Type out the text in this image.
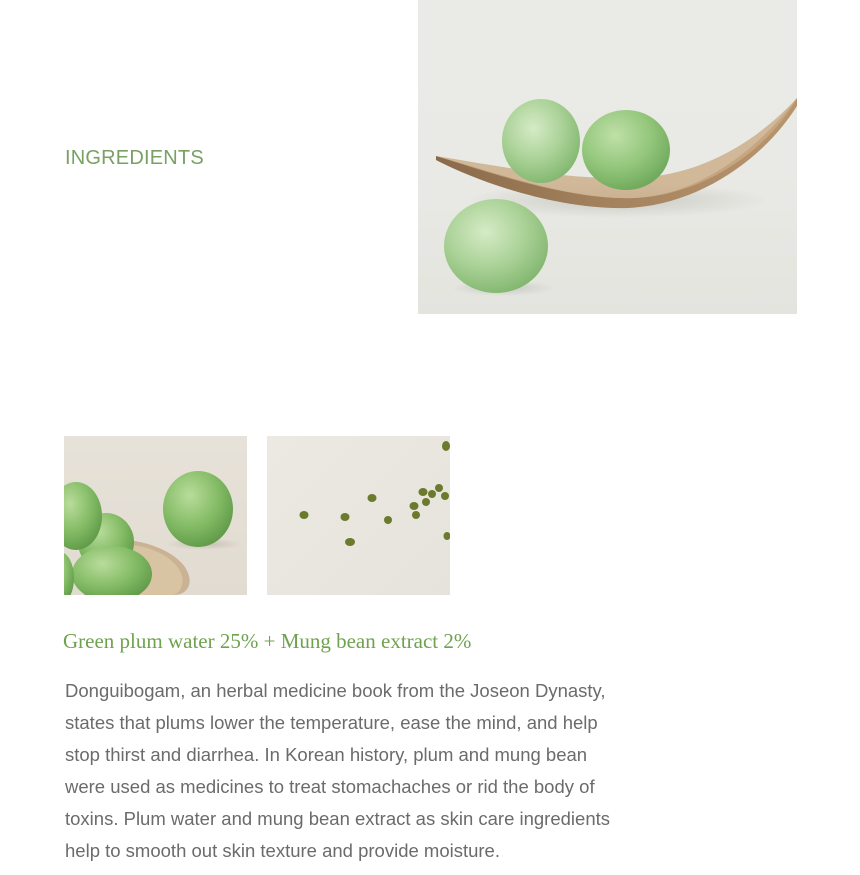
INGREDIENTS
Green plum water 25% + Mung bean extract 2%

Donguibogam, an herbal medicine book from the Joseon Dynasty,
states that plums lower the temperature, ease the mind, and help
stop thirst and diarrhea. In Korean history, plum and mung bean
were used as medicines to treat stomachaches or rid the body of
toxins. Plum water and mung bean extract as skin care ingredients
help to smooth out skin texture and provide moisture.
